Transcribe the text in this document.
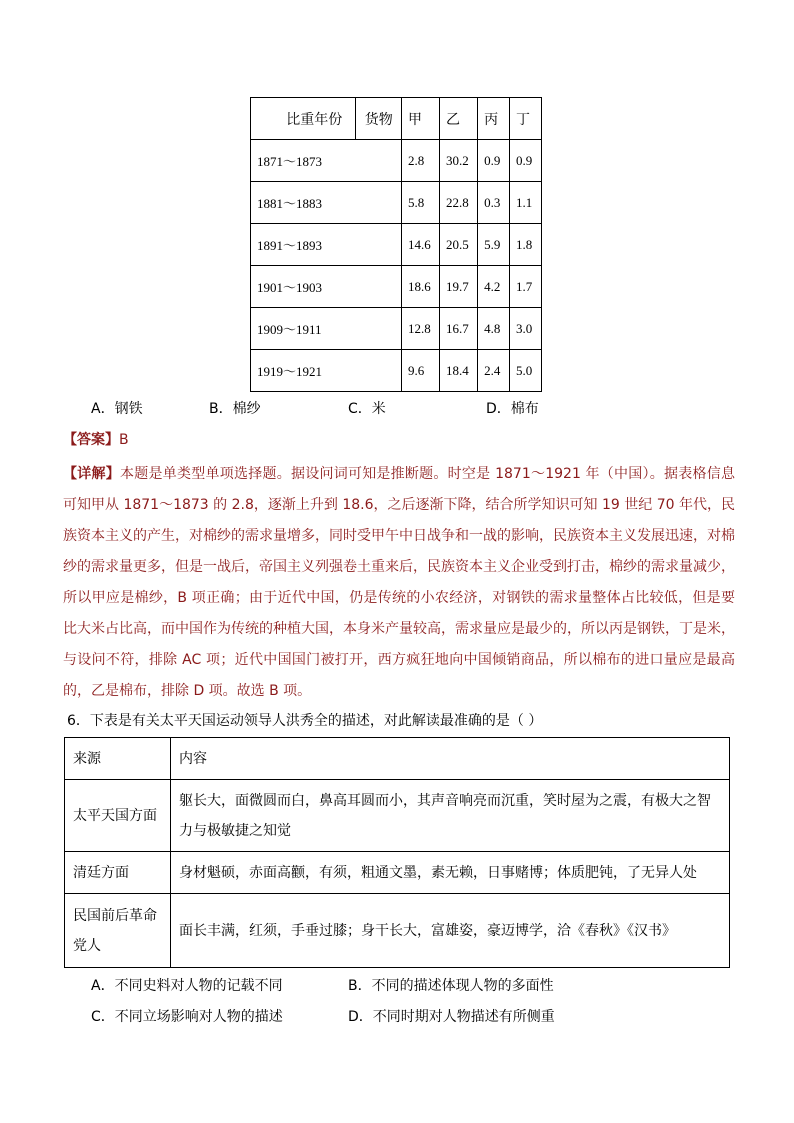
比重年份	货物	甲	乙	丙	丁
1871～1873		2.8	30.2	0.9	0.9
1881～1883		5.8	22.8	0.3	1.1
1891～1893		14.6	20.5	5.9	1.8
1901～1903		18.6	19.7	4.2	1.7
1909～1911		12.8	16.7	4.8	3.0
1919～1921		9.6	18.4	2.4	5.0
A．钢铁	B．棉纱	C．米	D．棉布
【答案】B
【详解】本题是单类型单项选择题。据设问词可知是推断题。时空是 1871～1921 年（中国）。据表格信息可知甲从 1871～1873 的 2.8，逐渐上升到 18.6，之后逐渐下降，结合所学知识可知 19 世纪 70 年代，民族资本主义的产生，对棉纱的需求量增多，同时受甲午中日战争和一战的影响，民族资本主义发展迅速，对棉纱的需求量更多，但是一战后，帝国主义列强卷土重来后，民族资本主义企业受到打击，棉纱的需求量减少，所以甲应是棉纱，B 项正确；由于近代中国，仍是传统的小农经济，对钢铁的需求量整体占比较低，但是要比大米占比高，而中国作为传统的种植大国，本身米产量较高，需求量应是最少的，所以丙是钢铁，丁是米，与设问不符，排除 AC 项；近代中国国门被打开，西方疯狂地向中国倾销商品，所以棉布的进口量应是最高的，乙是棉布，排除 D 项。故选 B 项。
6．下表是有关太平天国运动领导人洪秀全的描述，对此解读最准确的是（ ）
来源	内容
太平天国方面	躯长大，面微圆而白，鼻高耳圆而小，其声音响亮而沉重，笑时屋为之震，有极大之智力与极敏捷之知觉
清廷方面	身材魁硕，赤面高颧，有须，粗通文墨，素无赖，日事赌博；体质肥钝，了无异人处
民国前后革命党人	面长丰满，红须，手垂过膝；身干长大，富雄姿，豪迈博学，洽《春秋》《汉书》
A．不同史料对人物的记载不同	B．不同的描述体现人物的多面性
C．不同立场影响对人物的描述	D．不同时期对人物描述有所侧重
